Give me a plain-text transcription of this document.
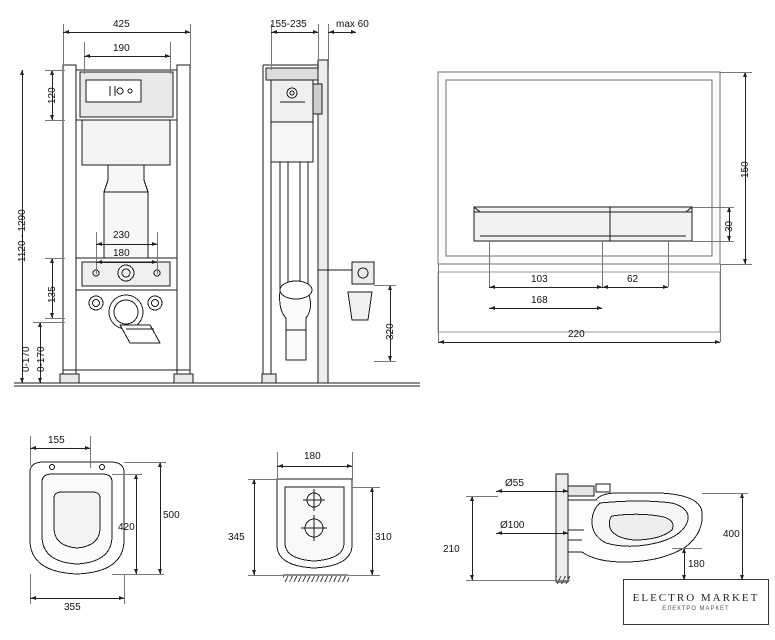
425
190
120
1120 - 1290	230
180
135
0-170 0-170
155-235	max 60
320
150
30
103	62
168
220
155
420
500
355
180
345	310
Ø55
Ø100
210
400
180
ELECTRO MARKET
ЕЛЕКТРО МАРКЕТ
